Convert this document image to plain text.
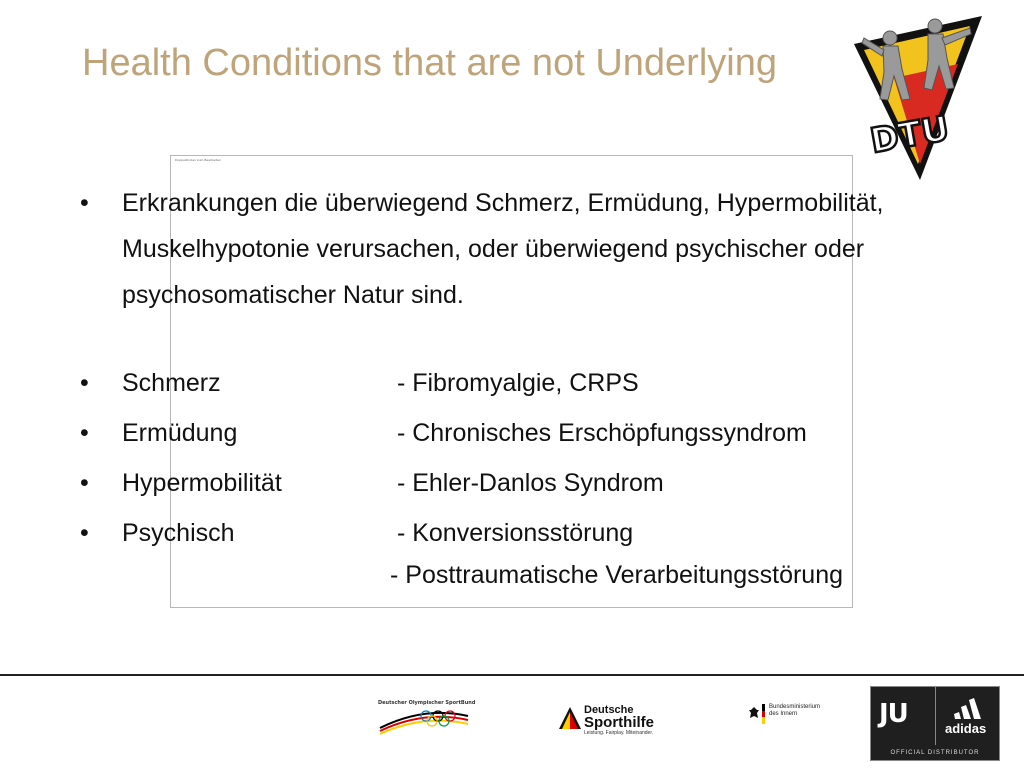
Health Conditions that are not Underlying
DTU
Doppelklicken zum Bearbeiten
• Erkrankungen die überwiegend Schmerz, Ermüdung, Hypermobilität,
Muskelhypotonie verursachen, oder überwiegend psychischer oder
psychosomatischer Natur sind.
• Schmerz	- Fibromyalgie, CRPS
• Ermüdung	- Chronisches Erschöpfungssyndrom
• Hypermobilität	- Ehler-Danlos Syndrom
• Psychisch	- Konversionsstörung
- Posttraumatische Verarbeitungsstörung
Deutscher Olympischer SportBund
Deutsche
Sporthilfe
Leistung. Fairplay. Miteinander.
Bundesministerium des Innern	JU	adidas
OFFICIAL DISTRIBUTOR
